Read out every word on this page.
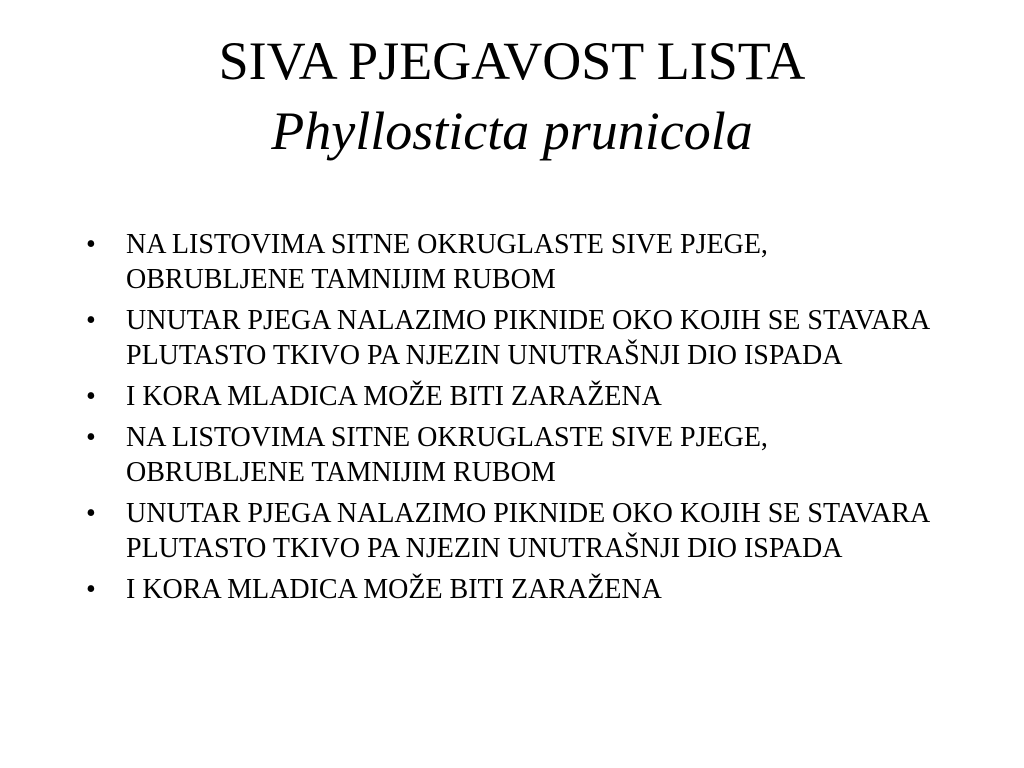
SIVA PJEGAVOST LISTA
Phyllosticta prunicola
•	NA LISTOVIMA SITNE OKRUGLASTE SIVE PJEGE, OBRUBLJENE TAMNIJIM RUBOM
•	UNUTAR PJEGA NALAZIMO PIKNIDE OKO KOJIH SE STAVARA PLUTASTO TKIVO PA NJEZIN UNUTRAŠNJI DIO ISPADA
•	I KORA MLADICA MOŽE BITI ZARAŽENA
•	NA LISTOVIMA SITNE OKRUGLASTE SIVE PJEGE, OBRUBLJENE TAMNIJIM RUBOM
•	UNUTAR PJEGA NALAZIMO PIKNIDE OKO KOJIH SE STAVARA PLUTASTO TKIVO PA NJEZIN UNUTRAŠNJI DIO ISPADA
•	I KORA MLADICA MOŽE BITI ZARAŽENA
